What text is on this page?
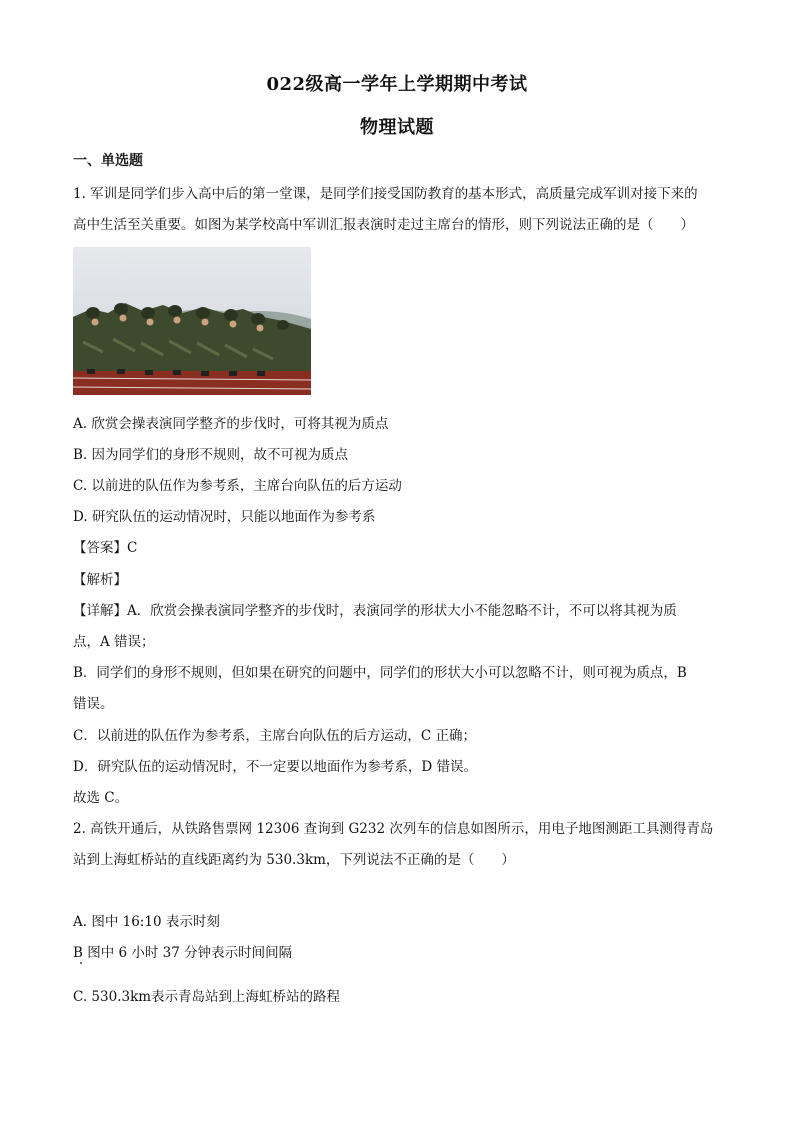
022级高一学年上学期期中考试
物理试题
一、单选题
1. 军训是同学们步入高中后的第一堂课，是同学们接受国防教育的基本形式，高质量完成军训对接下来的
高中生活至关重要。如图为某学校高中军训汇报表演时走过主席台的情形，则下列说法正确的是（　　）
A. 欣赏会操表演同学整齐的步伐时，可将其视为质点
B. 因为同学们的身形不规则，故不可视为质点
C. 以前进的队伍作为参考系，主席台向队伍的后方运动
D. 研究队伍的运动情况时，只能以地面作为参考系
【答案】C
【解析】
【详解】A．欣赏会操表演同学整齐的步伐时，表演同学的形状大小不能忽略不计，不可以将其视为质
点，A 错误；
B．同学们的身形不规则，但如果在研究的问题中，同学们的形状大小可以忽略不计，则可视为质点，B
错误。
C．以前进的队伍作为参考系，主席台向队伍的后方运动，C 正确；
D．研究队伍的运动情况时，不一定要以地面作为参考系，D 错误。
故选 C。
2. 高铁开通后，从铁路售票网 12306 查询到 G232 次列车的信息如图所示，用电子地图测距工具测得青岛
站到上海虹桥站的直线距离约为 530.3km，下列说法不正确的是（　　）
A. 图中 16:10 表示时刻
B 图中 6 小时 37 分钟表示时间间隔
C. 530.3km表示青岛站到上海虹桥站的路程
